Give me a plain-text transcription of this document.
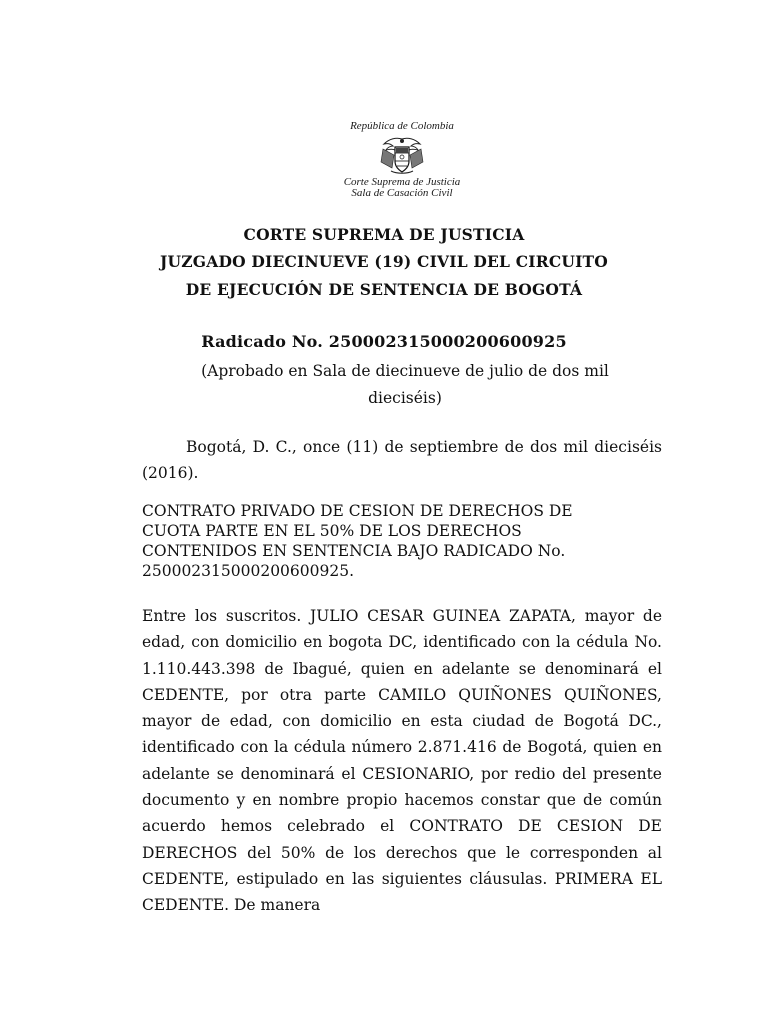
República de Colombia
Corte Suprema de Justicia
Sala de Casación Civil
CORTE SUPREMA DE JUSTICIA
JUZGADO DIECINUEVE (19) CIVIL DEL CIRCUITO
DE EJECUCIÓN DE SENTENCIA DE BOGOTÁ
Radicado No. 250002315000200600925
(Aprobado en Sala de diecinueve de julio de dos mil dieciséis)
Bogotá, D. C., once (11) de septiembre de dos mil dieciséis (2016).
CONTRATO PRIVADO DE CESION DE DERECHOS DE CUOTA PARTE EN EL 50% DE LOS DERECHOS CONTENIDOS EN SENTENCIA BAJO RADICADO No. 250002315000200600925.
Entre los suscritos. JULIO CESAR GUINEA ZAPATA, mayor de edad, con domicilio en bogota DC, identificado con la cédula No. 1.110.443.398 de Ibagué, quien en adelante se denominará el CEDENTE, por otra parte CAMILO QUIÑONES QUIÑONES, mayor de edad, con domicilio en esta ciudad de Bogotá DC., identificado con la cédula número 2.871.416 de Bogotá, quien en adelante se denominará el CESIONARIO, por redio del presente documento y en nombre propio hacemos constar que de común acuerdo hemos celebrado el CONTRATO DE CESION DE DERECHOS del 50% de los derechos que le corresponden al CEDENTE, estipulado en las siguientes cláusulas. PRIMERA EL CEDENTE. De manera
